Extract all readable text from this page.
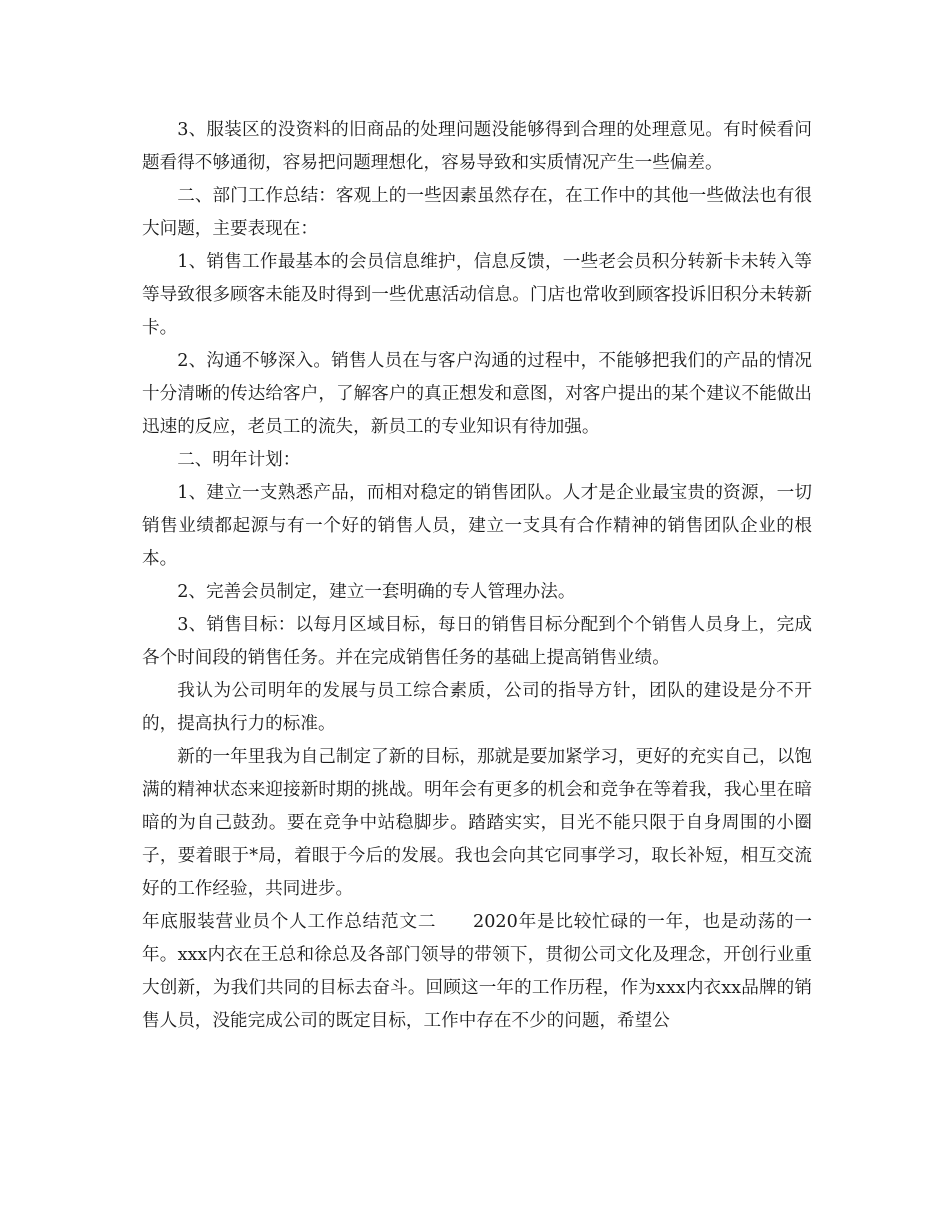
3、服装区的没资料的旧商品的处理问题没能够得到合理的处理意见。有时候看问题看得不够通彻，容易把问题理想化，容易导致和实质情况产生一些偏差。

二、部门工作总结：客观上的一些因素虽然存在，在工作中的其他一些做法也有很大问题，主要表现在：

1、销售工作最基本的会员信息维护，信息反馈，一些老会员积分转新卡未转入等等导致很多顾客未能及时得到一些优惠活动信息。门店也常收到顾客投诉旧积分未转新卡。

2、沟通不够深入。销售人员在与客户沟通的过程中，不能够把我们的产品的情况十分清晰的传达给客户，了解客户的真正想发和意图，对客户提出的某个建议不能做出迅速的反应，老员工的流失，新员工的专业知识有待加强。

二、明年计划：

1、建立一支熟悉产品，而相对稳定的销售团队。人才是企业最宝贵的资源，一切销售业绩都起源与有一个好的销售人员，建立一支具有合作精神的销售团队企业的根本。

2、完善会员制定，建立一套明确的专人管理办法。

3、销售目标：以每月区域目标，每日的销售目标分配到个个销售人员身上，完成各个时间段的销售任务。并在完成销售任务的基础上提高销售业绩。

我认为公司明年的发展与员工综合素质，公司的指导方针，团队的建设是分不开的，提高执行力的标准。

新的一年里我为自己制定了新的目标，那就是要加紧学习，更好的充实自己，以饱满的精神状态来迎接新时期的挑战。明年会有更多的机会和竞争在等着我，我心里在暗暗的为自己鼓劲。要在竞争中站稳脚步。踏踏实实，目光不能只限于自身周围的小圈子，要着眼于*局，着眼于今后的发展。我也会向其它同事学习，取长补短，相互交流好的工作经验，共同进步。

年底服装营业员个人工作总结范文二　　2020年是比较忙碌的一年，也是动荡的一年。xxx内衣在王总和徐总及各部门领导的带领下，贯彻公司文化及理念，开创行业重大创新，为我们共同的目标去奋斗。回顾这一年的工作历程，作为xxx内衣xx品牌的销售人员，没能完成公司的既定目标，工作中存在不少的问题，希望公
